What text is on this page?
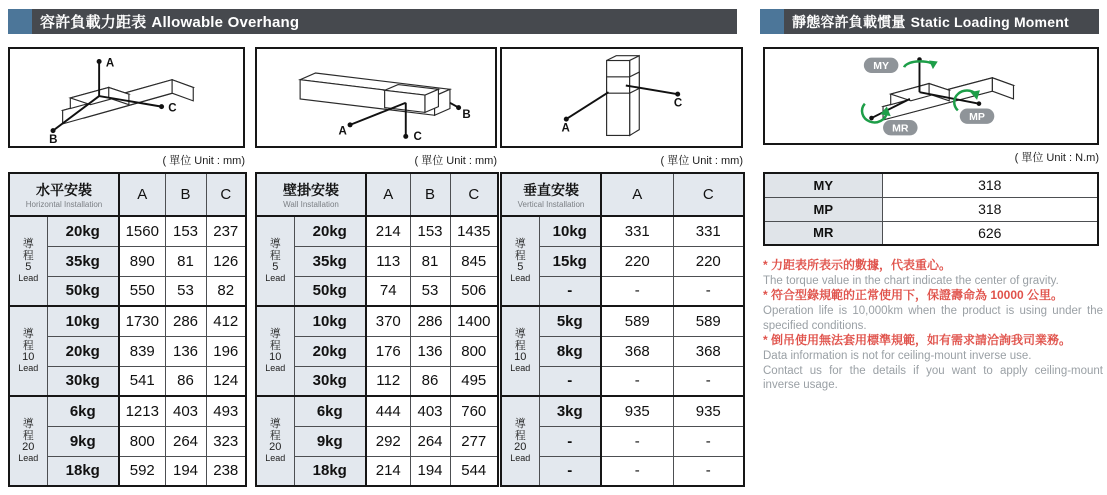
容許負載力距表 Allowable Overhang	靜態容許負載慣量 Static Loading Moment
A
B
C
A
B
C
A
C
MY
MP
MR
( 單位 Unit : mm)	( 單位 Unit : mm)	( 單位 Unit : mm)	( 單位 Unit : N.m)
水平安裝
Horizontal Installation		A	B	C

導
程
5
Lead	20kg	1560	153	237
	35kg	890	81	126
	50kg	550	53	82

導
程
10
Lead	10kg	1730	286	412
	20kg	839	136	196
	30kg	541	86	124

導
程
20
Lead	6kg	1213	403	493
	9kg	800	264	323
	18kg	592	194	238
壁掛安裝
Wall Installation		A	B	C

導
程
5
Lead	20kg	214	153	1435
	35kg	113	81	845
	50kg	74	53	506

導
程
10
Lead	10kg	370	286	1400
	20kg	176	136	800
	30kg	112	86	495

導
程
20
Lead	6kg	444	403	760
	9kg	292	264	277
	18kg	214	194	544
垂直安裝
Vertical Installation		A	C

導
程
5
Lead	10kg	331	331
	15kg	220	220
	-	-	-

導
程
10
Lead	5kg	589	589
	8kg	368	368
	-	-	-

導
程
20
Lead	3kg	935	935
	-	-	-
	-	-	-
MY	318
MP	318
MR	626
* 力距表所表示的數據，代表重心。
The torque value in the chart indicate the center of gravity.
* 符合型錄規範的正常使用下，保證壽命為 10000 公里。
Operation life is 10,000km when the product is using under the specified conditions.
* 倒吊使用無法套用標準規範，如有需求請洽詢我司業務。
Data information is not for ceiling-mount inverse use.
Contact us for the details if you want to apply ceiling-mount inverse usage.
